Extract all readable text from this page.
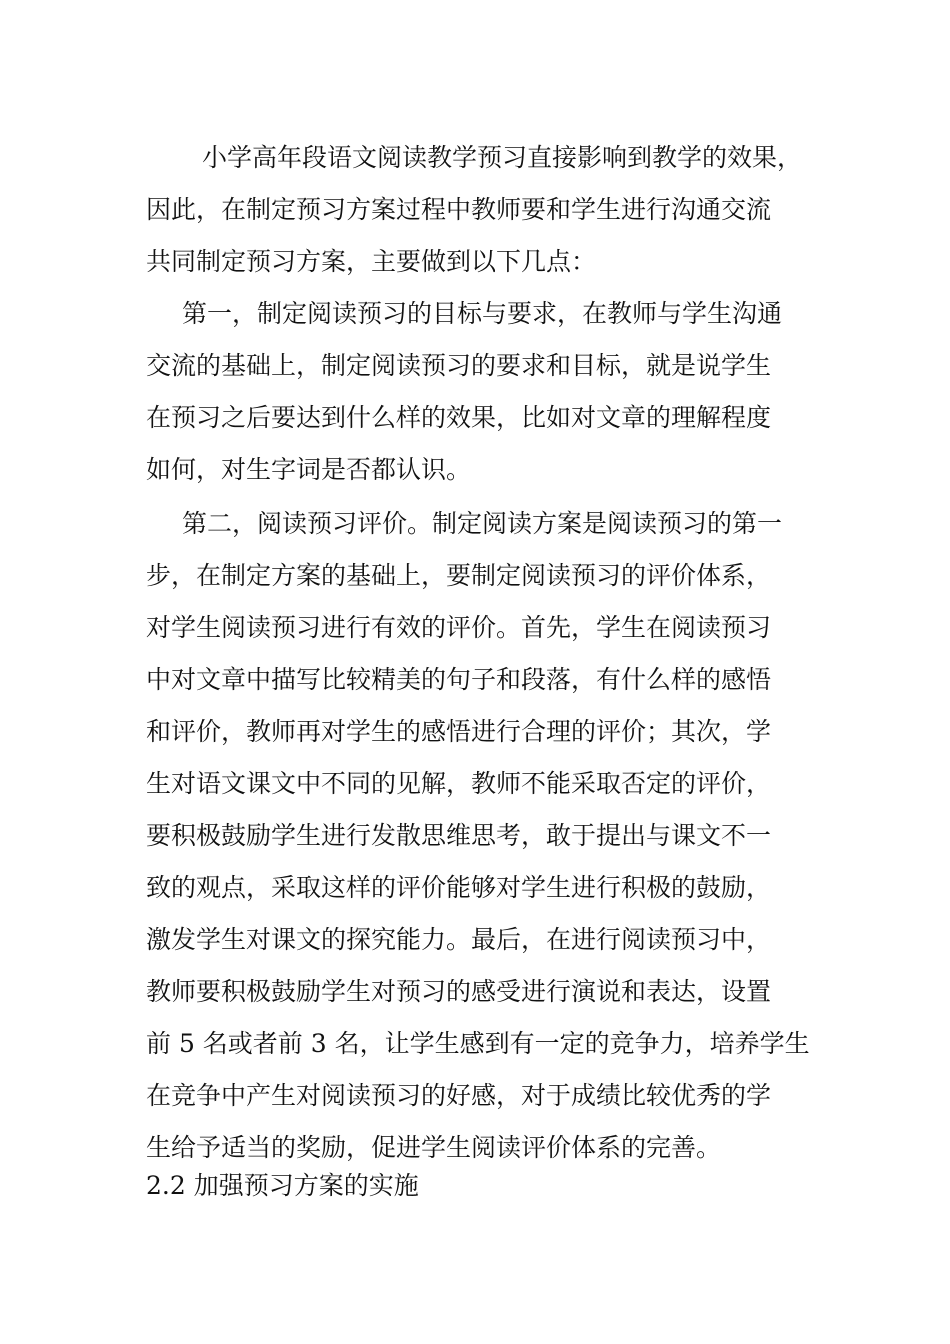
小学高年段语文阅读教学预习直接影响到教学的效果，
因此，在制定预习方案过程中教师要和学生进行沟通交流
共同制定预习方案，主要做到以下几点：
第一，制定阅读预习的目标与要求，在教师与学生沟通
交流的基础上，制定阅读预习的要求和目标，就是说学生
在预习之后要达到什么样的效果，比如对文章的理解程度
如何，对生字词是否都认识。
第二，阅读预习评价。制定阅读方案是阅读预习的第一
步，在制定方案的基础上，要制定阅读预习的评价体系，
对学生阅读预习进行有效的评价。首先，学生在阅读预习
中对文章中描写比较精美的句子和段落，有什么样的感悟
和评价，教师再对学生的感悟进行合理的评价；其次，学
生对语文课文中不同的见解，教师不能采取否定的评价，
要积极鼓励学生进行发散思维思考，敢于提出与课文不一
致的观点，采取这样的评价能够对学生进行积极的鼓励，
激发学生对课文的探究能力。最后，在进行阅读预习中，
教师要积极鼓励学生对预习的感受进行演说和表达，设置
前 5 名或者前 3 名，让学生感到有一定的竞争力，培养学生
在竞争中产生对阅读预习的好感，对于成绩比较优秀的学
生给予适当的奖励，促进学生阅读评价体系的完善。
2.2 加强预习方案的实施
